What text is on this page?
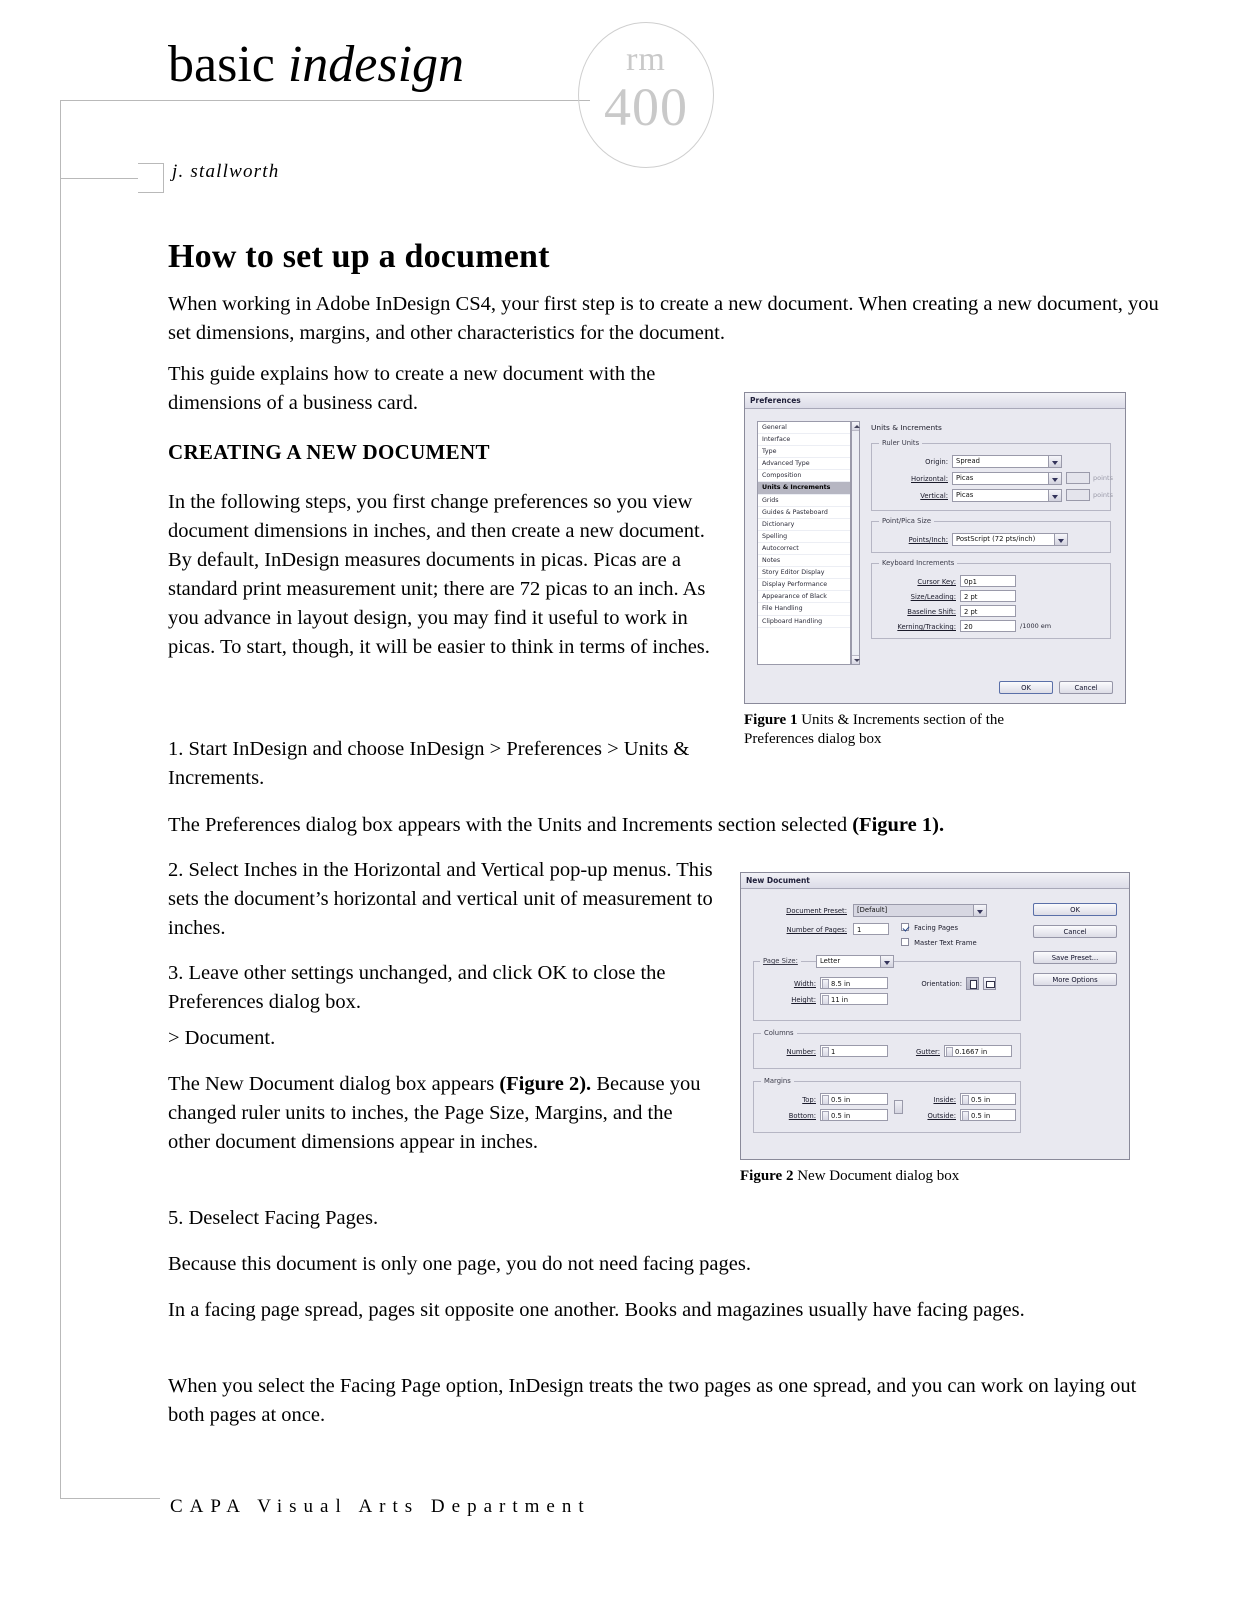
basic indesign	rm
400
j. stallworth
How to set up a document

When working in Adobe InDesign CS4, your first step is to create a new document. When creating a new document, you set dimensions, margins, and other characteristics for the document.

This guide explains how to create a new document with the dimensions of a business card.

CREATING A NEW DOCUMENT

In the following steps, you first change preferences so you view document dimensions in inches, and then create a new document. By default, InDesign measures documents in picas. Picas are a standard print measurement unit; there are 72 picas to an inch. As you advance in layout design, you may find it useful to work in picas. To start, though, it will be easier to think in terms of inches.

1. Start InDesign and choose InDesign > Preferences > Units & Increments.

The Preferences dialog box appears with the Units and Increments section selected (Figure 1).

2. Select Inches in the Horizontal and Vertical pop-up menus. This sets the document’s horizontal and vertical unit of measurement to inches.

3. Leave other settings unchanged, and click OK to close the Preferences dialog box.

> Document.

The New Document dialog box appears (Figure 2). Because you changed ruler units to inches, the Page Size, Margins, and the other document dimensions appear in inches.

5. Deselect Facing Pages.

Because this document is only one page, you do not need facing pages.

In a facing page spread, pages sit opposite one another. Books and magazines usually have facing pages.

When you select the Facing Page option, InDesign treats the two pages as one spread, and you can work on laying out both pages at once.

Preferences
General
Interface
Type
Advanced Type
Composition
Units & Increments
Grids
Guides & Pasteboard
Dictionary
Spelling
Autocorrect
Notes
Story Editor Display
Display Performance
Appearance of Black
File Handling
Clipboard Handling
Units & Increments
Ruler Units
Origin:	Spread
Horizontal:	Picas	points
Vertical:	Picas	points
Point/Pica Size
Points/Inch:	PostScript (72 pts/inch)
Keyboard Increments
Cursor Key:	0p1
Size/Leading:	2 pt
Baseline Shift:	2 pt
Kerning/Tracking:	20	/1000 em
OK	Cancel
Figure 1 Units & Increments section of the Preferences dialog box
New Document
Document Preset:	[Default]
Number of Pages:	1	Facing Pages
Master Text Frame
Page Size:	Letter
Width:	8.5 in
Height:	11 in
Orientation:
Columns
Number:	1	Gutter:	0.1667 in
Margins
Top:	0.5 in
Bottom:	0.5 in
Inside:	0.5 in
Outside:	0.5 in
OK
Cancel
Save Preset...
More Options
Figure 2 New Document dialog box
CAPA Visual Arts Department
